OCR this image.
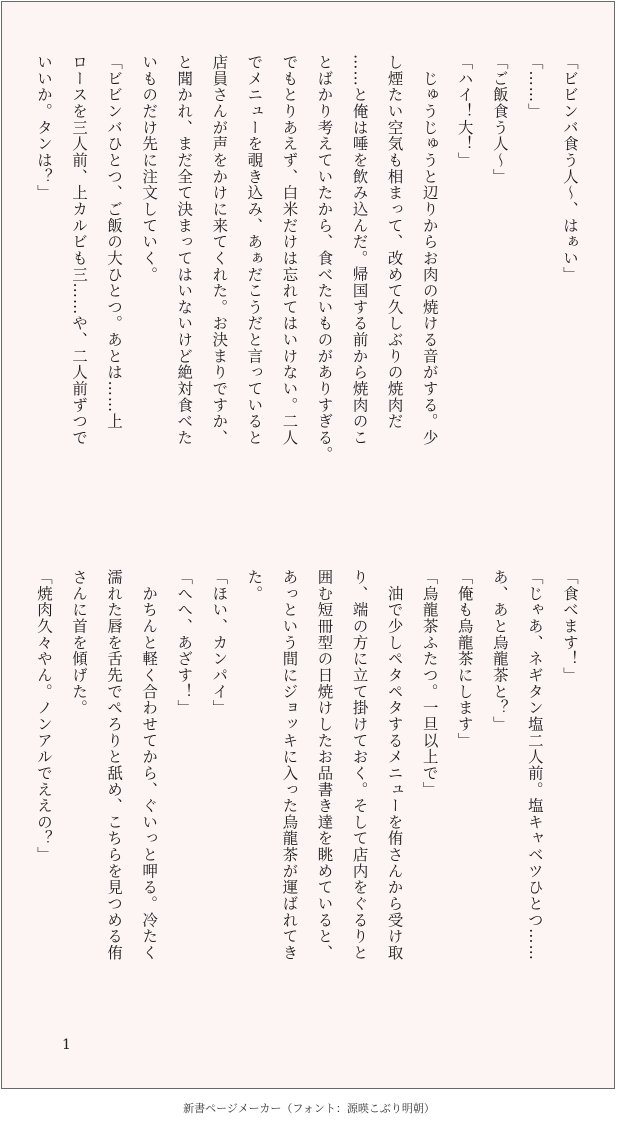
「ビビンバ食う人〜、はぁい」
「……」
「ご飯食う人〜」
「ハイ！大！」
　じゅうじゅうと辺りからお肉の焼ける音がする。少
し煙たい空気も相まって、改めて久しぶりの焼肉だ
……と俺は唾を飲み込んだ。帰国する前から焼肉のこ
とばかり考えていたから、食べたいものがありすぎる。
でもとりあえず、白米だけは忘れてはいけない。二人
でメニューを覗き込み、あぁだこうだと言っていると
店員さんが声をかけに来てくれた。お決まりですか、
と聞かれ、まだ全て決まってはいないけど絶対食べた
いものだけ先に注文していく。
「ビビンバひとつ、ご飯の大ひとつ。あとは……上
ロースを三人前、上カルビも三……や、二人前ずつで
いいか。タンは？」
「食べます！」
「じゃあ、ネギタン塩二人前。塩キャベツひとつ……
あ、あと烏龍茶と？」
「俺も烏龍茶にします」
「烏龍茶ふたつ。一旦以上で」
　油で少しペタペタするメニューを侑さんから受け取
り、端の方に立て掛けておく。そして店内をぐるりと
囲む短冊型の日焼けしたお品書き達を眺めていると、
あっという間にジョッキに入った烏龍茶が運ばれてき
た。
「ほい、カンパイ」
「へへ、あざす！」
　かちんと軽く合わせてから、ぐいっと呷る。冷たく
濡れた唇を舌先でぺろりと舐め、こちらを見つめる侑
さんに首を傾げた。
「焼肉久々やん。ノンアルでええの？」
1
新書ページメーカー（フォント：源暎こぶり明朝）
